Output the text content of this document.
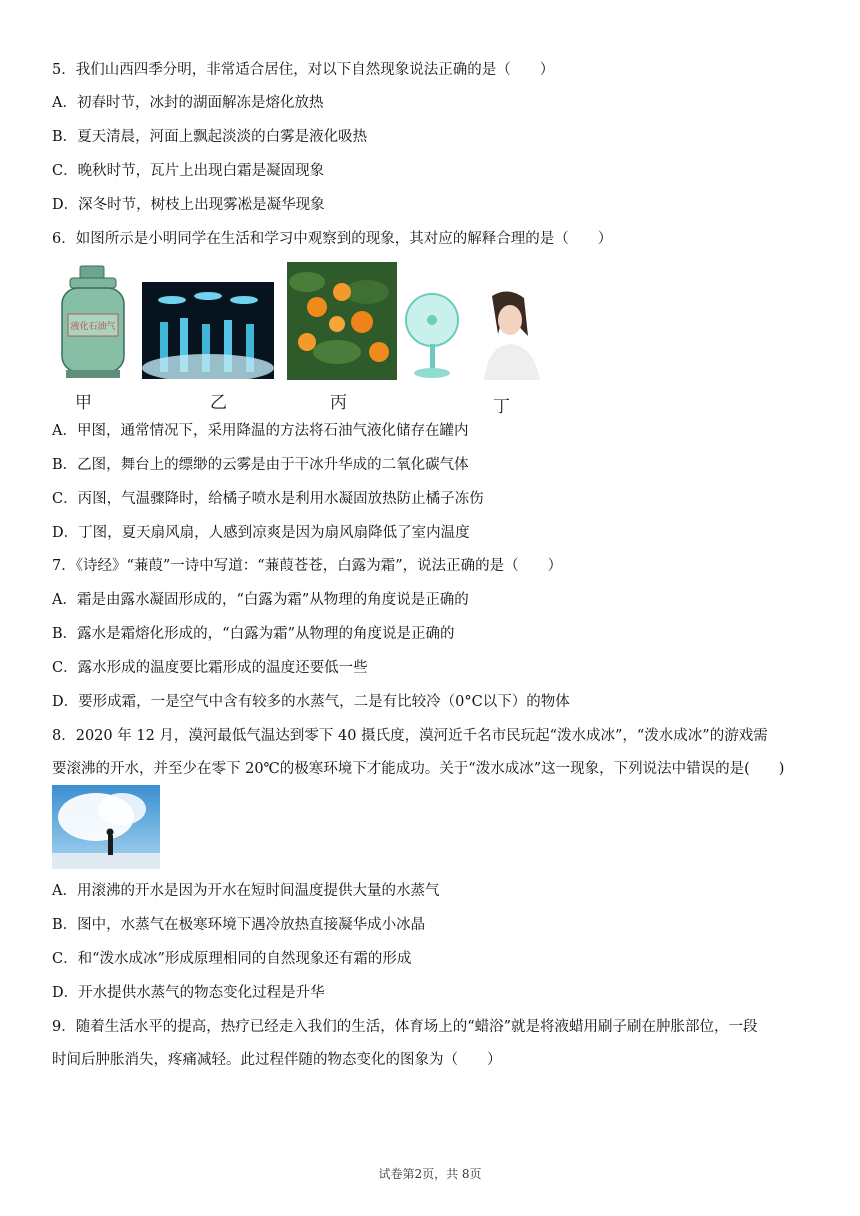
5．我们山西四季分明，非常适合居住，对以下自然现象说法正确的是（　　）
A．初春时节，冰封的湖面解冻是熔化放热
B．夏天清晨，河面上飘起淡淡的白雾是液化吸热
C．晚秋时节，瓦片上出现白霜是凝固现象
D．深冬时节，树枝上出现雾凇是凝华现象
6．如图所示是小明同学在生活和学习中观察到的现象，其对应的解释合理的是（　　）
液化石油气
甲	乙	丙	丁
A．甲图，通常情况下，采用降温的方法将石油气液化储存在罐内
B．乙图，舞台上的缥缈的云雾是由于干冰升华成的二氧化碳气体
C．丙图，气温骤降时，给橘子喷水是利用水凝固放热防止橘子冻伤
D．丁图，夏天扇风扇，人感到凉爽是因为扇风扇降低了室内温度
7．《诗经》“蒹葭”一诗中写道：“蒹葭苍苍，白露为霜”，说法正确的是（　　）
A．霜是由露水凝固形成的，“白露为霜”从物理的角度说是正确的
B．露水是霜熔化形成的，“白露为霜”从物理的角度说是正确的
C．露水形成的温度要比霜形成的温度还要低一些
D．要形成霜，一是空气中含有较多的水蒸气，二是有比较冷（0°C以下）的物体
8．2020 年 12 月，漠河最低气温达到零下 40 摄氏度，漠河近千名市民玩起“泼水成冰”，“泼水成冰”的游戏需
要滚沸的开水，并至少在零下 20℃的极寒环境下才能成功。关于“泼水成冰”这一现象，下列说法中错误的是(　　)
A．用滚沸的开水是因为开水在短时间温度提供大量的水蒸气
B．图中，水蒸气在极寒环境下遇冷放热直接凝华成小冰晶
C．和“泼水成冰”形成原理相同的自然现象还有霜的形成
D．开水提供水蒸气的物态变化过程是升华
9．随着生活水平的提高，热疗已经走入我们的生活，体育场上的“蜡浴”就是将液蜡用刷子刷在肿胀部位，一段
时间后肿胀消失，疼痛减轻。此过程伴随的物态变化的图象为（　　）
试卷第2页，共 8页
